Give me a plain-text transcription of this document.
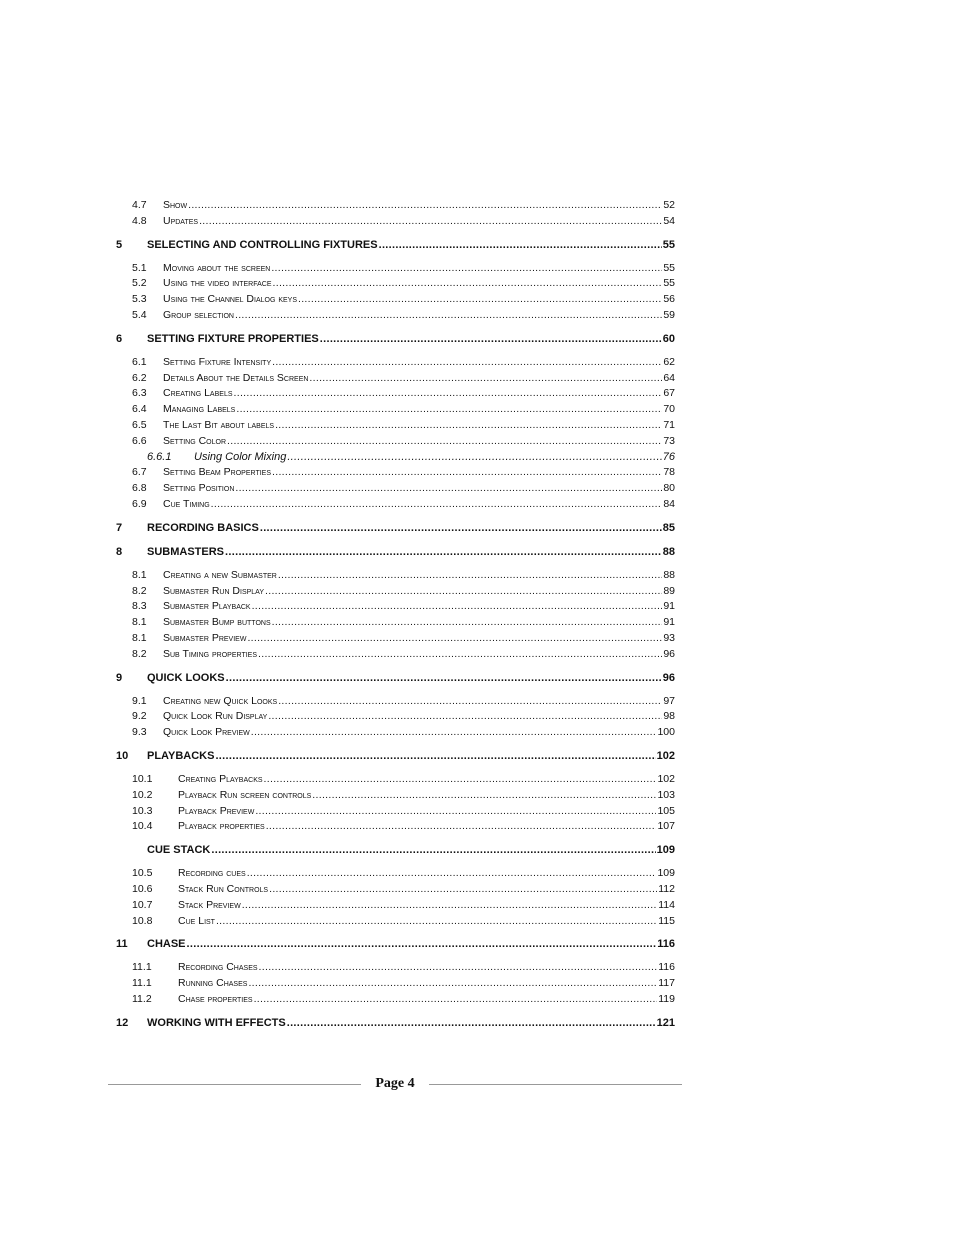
4.7	Show .....	52
4.8	Updates .....	54
5	SELECTING AND CONTROLLING FIXTURES .....	55
5.1	Moving about the screen .....	55
5.2	Using the video interface .....	55
5.3	Using the Channel Dialog keys .....	56
5.4	Group selection .....	59
6	SETTING FIXTURE PROPERTIES .....	60
6.1	Setting Fixture Intensity .....	62
6.2	Details About the Details Screen .....	64
6.3	Creating Labels .....	67
6.4	Managing Labels .....	70
6.5	The Last Bit about labels .....	71
6.6	Setting Color .....	73
6.6.1	Using Color Mixing .....	76
6.7	Setting Beam Properties .....	78
6.8	Setting Position .....	80
6.9	Cue Timing .....	84
7	RECORDING BASICS .....	85
8	SUBMASTERS .....	88
8.1	Creating a new Submaster .....	88
8.2	Submaster Run Display .....	89
8.3	Submaster Playback .....	91
8.1	Submaster Bump buttons .....	91
8.1	Submaster Preview .....	93
8.2	Sub Timing properties .....	96
9	QUICK LOOKS .....	96
9.1	Creating new Quick Looks .....	97
9.2	Quick Look Run Display .....	98
9.3	Quick Look Preview .....	100
10	PLAYBACKS .....	102
10.1	Creating Playbacks .....	102
10.2	Playback Run screen controls .....	103
10.3	Playback Preview .....	105
10.4	Playback properties .....	107
CUE STACK .....	109
10.5	Recording cues .....	109
10.6	Stack Run Controls .....	112
10.7	Stack Preview .....	114
10.8	Cue List .....	115
11	CHASE .....	116
11.1	Recording Chases .....	116
11.1	Running Chases .....	117
11.2	Chase properties .....	119
12	WORKING WITH EFFECTS .....	121
Page 4
